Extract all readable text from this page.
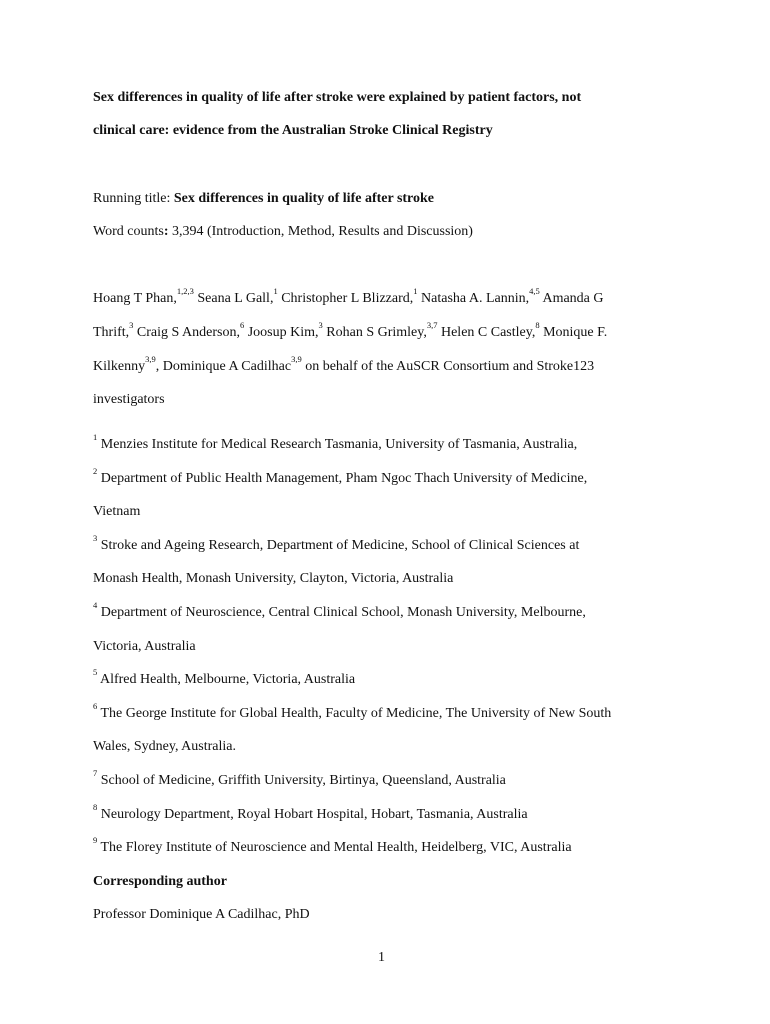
Sex differences in quality of life after stroke were explained by patient factors, not
clinical care: evidence from the Australian Stroke Clinical Registry
Running title: Sex differences in quality of life after stroke
Word counts: 3,394 (Introduction, Method, Results and Discussion)
Hoang T Phan,$^{1,2,3}$ Seana L Gall,$^1$ Christopher L Blizzard,$^1$ Natasha A. Lannin,$^{4,5}$ Amanda G
Thrift,$^3$ Craig S Anderson,$^6$ Joosup Kim,$^3$ Rohan S Grimley,$^{3,7}$ Helen C Castley,$^8$ Monique F.
Kilkenny$^{3,9}$, Dominique A Cadilhac$^{3,9}$ on behalf of the AuSCR Consortium and Stroke123
investigators
$^1$ Menzies Institute for Medical Research Tasmania, University of Tasmania, Australia,
$^2$ Department of Public Health Management, Pham Ngoc Thach University of Medicine,
Vietnam
$^3$ Stroke and Ageing Research, Department of Medicine, School of Clinical Sciences at
Monash Health, Monash University, Clayton, Victoria, Australia
$^4$ Department of Neuroscience, Central Clinical School, Monash University, Melbourne,
Victoria, Australia
$^5$ Alfred Health, Melbourne, Victoria, Australia
$^6$ The George Institute for Global Health, Faculty of Medicine, The University of New South
Wales, Sydney, Australia.
$^7$ School of Medicine, Griffith University, Birtinya, Queensland, Australia
$^8$ Neurology Department, Royal Hobart Hospital, Hobart, Tasmania, Australia
$^9$ The Florey Institute of Neuroscience and Mental Health, Heidelberg, VIC, Australia
Corresponding author
Professor Dominique A Cadilhac, PhD
1
